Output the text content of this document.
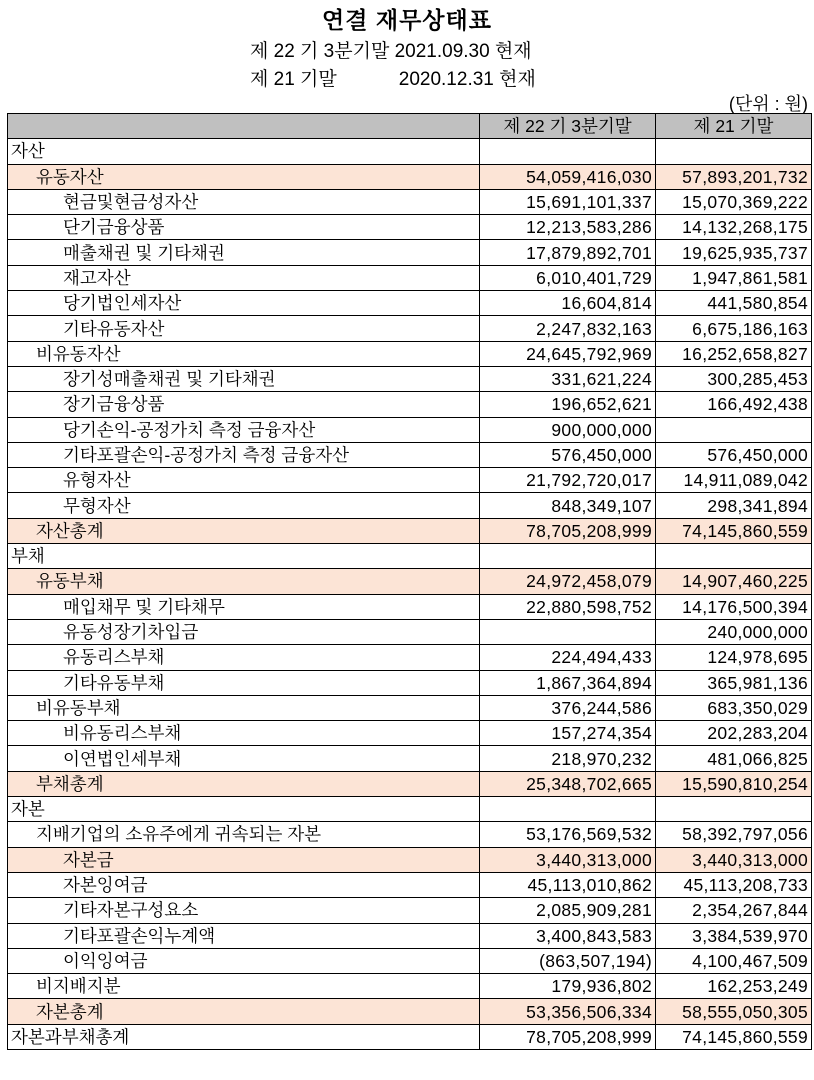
연결 재무상태표
제 22 기 3분기말 2021.09.30 현재
제 21 기말	2020.12.31 현재
(단위 : 원)
	제 22 기 3분기말	제 21 기말
자산		
유동자산	54,059,416,030	57,893,201,732
현금및현금성자산	15,691,101,337	15,070,369,222
단기금융상품	12,213,583,286	14,132,268,175
매출채권 및 기타채권	17,879,892,701	19,625,935,737
재고자산	6,010,401,729	1,947,861,581
당기법인세자산	16,604,814	441,580,854
기타유동자산	2,247,832,163	6,675,186,163
비유동자산	24,645,792,969	16,252,658,827
장기성매출채권 및 기타채권	331,621,224	300,285,453
장기금융상품	196,652,621	166,492,438
당기손익-공정가치 측정 금융자산	900,000,000	
기타포괄손익-공정가치 측정 금융자산	576,450,000	576,450,000
유형자산	21,792,720,017	14,911,089,042
무형자산	848,349,107	298,341,894
자산총계	78,705,208,999	74,145,860,559
부채		
유동부채	24,972,458,079	14,907,460,225
매입채무 및 기타채무	22,880,598,752	14,176,500,394
유동성장기차입금		240,000,000
유동리스부채	224,494,433	124,978,695
기타유동부채	1,867,364,894	365,981,136
비유동부채	376,244,586	683,350,029
비유동리스부채	157,274,354	202,283,204
이연법인세부채	218,970,232	481,066,825
부채총계	25,348,702,665	15,590,810,254
자본		
지배기업의 소유주에게 귀속되는 자본	53,176,569,532	58,392,797,056
자본금	3,440,313,000	3,440,313,000
자본잉여금	45,113,010,862	45,113,208,733
기타자본구성요소	2,085,909,281	2,354,267,844
기타포괄손익누계액	3,400,843,583	3,384,539,970
이익잉여금	(863,507,194)	4,100,467,509
비지배지분	179,936,802	162,253,249
자본총계	53,356,506,334	58,555,050,305
자본과부채총계	78,705,208,999	74,145,860,559
